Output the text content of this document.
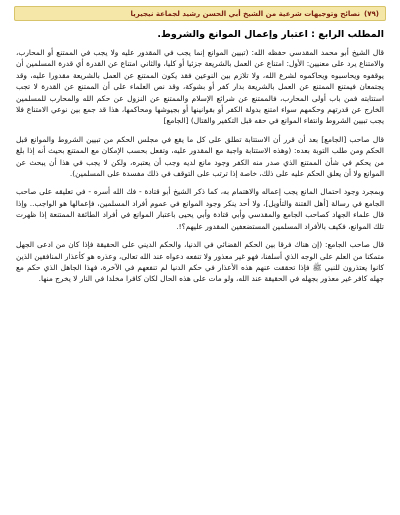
نصائح وتوجيهات شرعية من الشيخ أبي الحسن رشيد لجماعة نيجيريا (٧٩)
المطلب الرابع : اعتبار وإعمال الموانع والشروط.

قال الشيخ أبو محمد المقدسي حفظه الله: (تبيين الموانع إنما يجب في المقدور عليه ولا يجب في الممتنع أو المحارب، والامتناع يرد على معنيين: الأول: امتناع عن العمل بالشريعة جزئيا أو كليا، والثاني امتناع عن القدرة أي قدرة المسلمين أن يوقفوه ويحاسبوه ويحاكموه لشرع الله، ولا تلازم بين النوعين فقد يكون الممتنع عن العمل بالشريعة مقدورا عليه، وقد يجتمعان فيمتنع الممتنع عن العمل بالشريعة بدار كفر أو بشوكة، وقد نص العلماء على أن الممتنع عن القدرة لا تجب استتابته فمن باب أولى المحارب، فالممتنع عن شرائع الإسلام والممتنع عن النزول عن حكم الله والمحارب للمسلمين الخارج عن قدرتهم وحكمهم سواء امتنع بدولة الكفر أو بقوانينها أو بجيوشها ومحاكمها، هذا قد جمع بين نوعي الامتناع فلا يجب تبيين الشروط وانتفاء الموانع في حقه قبل التكفير والقتال) [الجامع]

قال صاحب [الجامع] بعد أن قرر أن الاستتابة تطلق على كل ما يقع في مجلس الحكم من تبيين الشروط والموانع قبل الحكم ومن طلب التوبة بعده: (وهذه الاستتابة واجبة مع المقدور عليه، وتفعل بحسب الإمكان مع الممتنع بحيث أنه إذا بلغ من يحكم في شأن الممتنع الذي صدر منه الكفر وجود مانع لديه وجب أن يعتبره، ولكن لا يجب في هذا أن يبحث عن الموانع ولا أن يعلق الحكم عليه على ذلك، خاصة إذا ترتب على التوقف في ذلك مفسدة على المسلمين).

وبمجرد وجود احتمال المانع يجب إعماله والاهتمام به، كما ذكر الشيخ أبو قتادة - فك الله أسره - في تعليقه على صاحب الجامع في رسالة [أهل الفتنة والتأويل]، ولا أحد ينكر وجود الموانع في عموم أفراد المسلمين، فإعمالها هو الواجب.. وإذا قال علماء الجهاد كصاحب الجامع والمقدسي وأبي قتادة وأبي يحيى باعتبار الموانع في أفراد الطائفة الممتنعة إذا ظهرت تلك الموانع، فكيف بالأفراد المسلمين المستضعفين المقدور عليهم؟!.

قال صاحب الجامع: (إن هناك فرقا بين الحكم القضائي في الدنيا، والحكم الديني على الحقيقة فإذا كان من ادعى الجهل متمكنا من العلم على الوجه الذي أسلفنا، فهو غير معذور ولا تنفعه دعواه عند الله تعالى، وعذره هو كأعذار المنافقين الذين كانوا يعتذرون للنبي ﷺ فإذا تحققت عنهم هذه الأعذار في حكم الدنيا لم تنفعهم في الآخرة، فهذا الجاهل الذي حكم مع جهله كافر غير معذور بجهله في الحقيقة عند الله، ولو مات على هذه الحال لكان كافرا مخلدا في النار لا يخرج منها.
